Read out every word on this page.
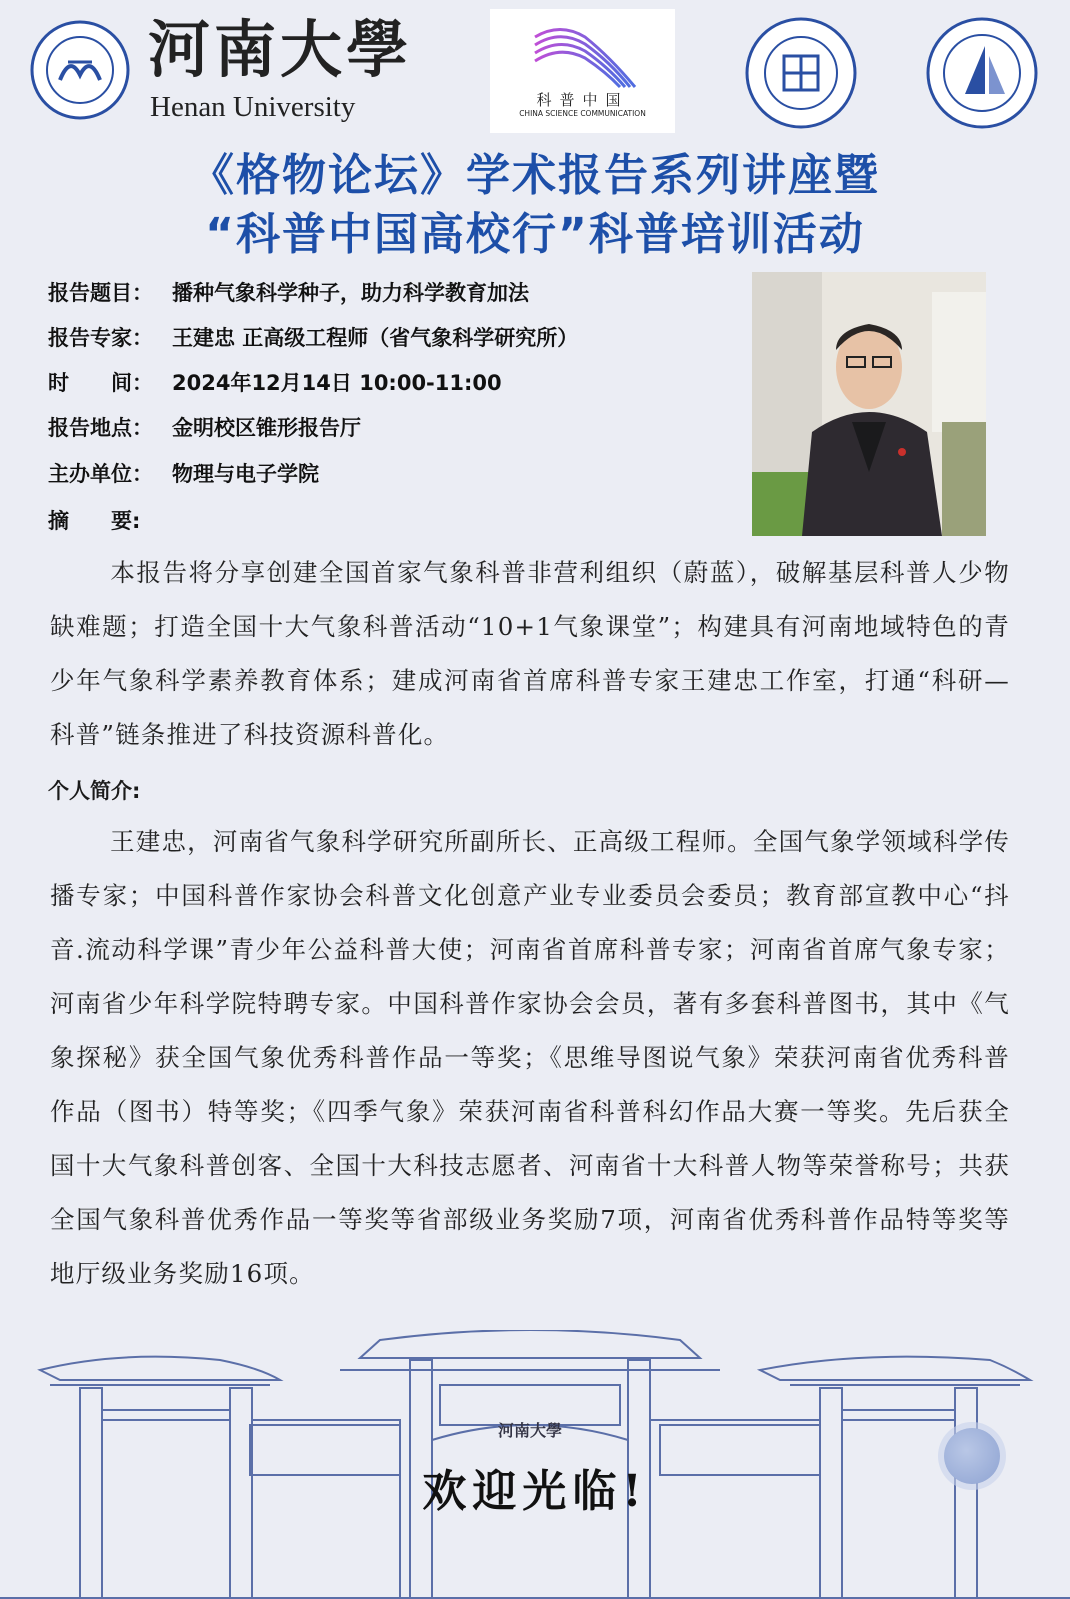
河南大學
Henan University	科普中国
CHINA SCIENCE COMMUNICATION
《格物论坛》学术报告系列讲座暨
“科普中国高校行”科普培训活动
报告题目： 播种气象科学种子，助力科学教育加法
报告专家： 王建忠 正高级工程师（省气象科学研究所）
时　　间： 2024年12月14日 10:00-11:00
报告地点： 金明校区锥形报告厅
主办单位： 物理与电子学院
摘　　要:
本报告将分享创建全国首家气象科普非营利组织（蔚蓝），破解基层科普人少物缺难题；打造全国十大气象科普活动“10+1气象课堂”；构建具有河南地域特色的青少年气象科学素养教育体系；建成河南省首席科普专家王建忠工作室，打通“科研—科普”链条推进了科技资源科普化。
个人简介:
王建忠，河南省气象科学研究所副所长、正高级工程师。全国气象学领域科学传播专家；中国科普作家协会科普文化创意产业专业委员会委员；教育部宣教中心“抖音.流动科学课”青少年公益科普大使；河南省首席科普专家；河南省首席气象专家；河南省少年科学院特聘专家。中国科普作家协会会员，著有多套科普图书，其中《气象探秘》获全国气象优秀科普作品一等奖；《思维导图说气象》荣获河南省优秀科普作品（图书）特等奖；《四季气象》荣获河南省科普科幻作品大赛一等奖。先后获全国十大气象科普创客、全国十大科技志愿者、河南省十大科普人物等荣誉称号；共获全国气象科普优秀作品一等奖等省部级业务奖励7项，河南省优秀科普作品特等奖等地厅级业务奖励16项。
河南大學
欢迎光临!
